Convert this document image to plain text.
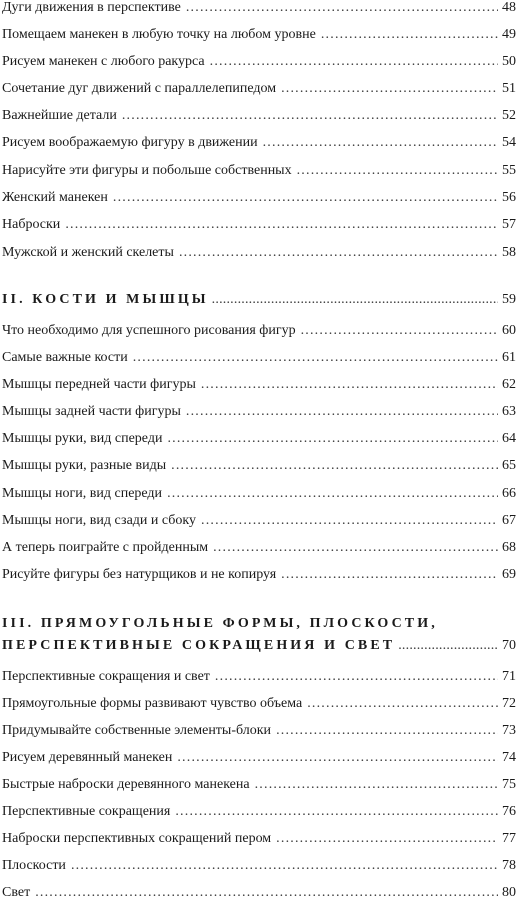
Дуги движения в перспективе .....	48
Помещаем манекен в любую точку на любом уровне .....	49
Рисуем манекен с любого ракурса .....	50
Сочетание дуг движений с параллелепипедом .....	51
Важнейшие детали .....	52
Рисуем воображаемую фигуру в движении .....	54
Нарисуйте эти фигуры и побольше собственных .....	55
Женский манекен .....	56
Наброски .....	57
Мужской и женский скелеты .....	58
II. КОСТИ И МЫШЦЫ .....	59
Что необходимо для успешного рисования фигур .....	60
Самые важные кости .....	61
Мышцы передней части фигуры .....	62
Мышцы задней части фигуры .....	63
Мышцы руки, вид спереди .....	64
Мышцы руки, разные виды .....	65
Мышцы ноги, вид спереди .....	66
Мышцы ноги, вид сзади и сбоку .....	67
А теперь поиграйте с пройденным .....	68
Рисуйте фигуры без натурщиков и не копируя .....	69
III. ПРЯМОУГОЛЬНЫЕ ФОРМЫ, ПЛОСКОСТИ,
ПЕРСПЕКТИВНЫЕ СОКРАЩЕНИЯ И СВЕТ .....	70
Перспективные сокращения и свет .....	71
Прямоугольные формы развивают чувство объема .....	72
Придумывайте собственные элементы-блоки .....	73
Рисуем деревянный манекен .....	74
Быстрые наброски деревянного манекена .....	75
Перспективные сокращения .....	76
Наброски перспективных сокращений пером .....	77
Плоскости .....	78
Свет .....	80
